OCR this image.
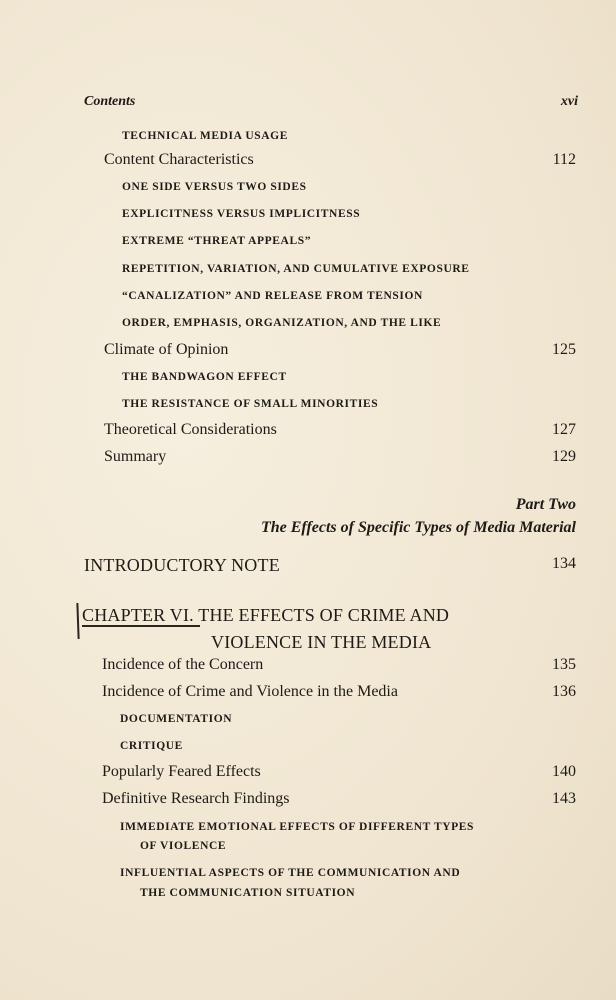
Contents	xvi
TECHNICAL MEDIA USAGE
Content Characteristics	112
ONE SIDE VERSUS TWO SIDES
EXPLICITNESS VERSUS IMPLICITNESS
EXTREME “THREAT APPEALS”
REPETITION, VARIATION, AND CUMULATIVE EXPOSURE
“CANALIZATION” AND RELEASE FROM TENSION
ORDER, EMPHASIS, ORGANIZATION, AND THE LIKE
Climate of Opinion	125
THE BANDWAGON EFFECT
THE RESISTANCE OF SMALL MINORITIES
Theoretical Considerations	127
Summary	129
Part Two
The Effects of Specific Types of Media Material
INTRODUCTORY NOTE	134
CHAPTER VI. THE EFFECTS OF CRIME AND
VIOLENCE IN THE MEDIA
Incidence of the Concern	135
Incidence of Crime and Violence in the Media	136
DOCUMENTATION
CRITIQUE
Popularly Feared Effects	140
Definitive Research Findings	143
IMMEDIATE EMOTIONAL EFFECTS OF DIFFERENT TYPES
OF VIOLENCE
INFLUENTIAL ASPECTS OF THE COMMUNICATION AND
THE COMMUNICATION SITUATION
